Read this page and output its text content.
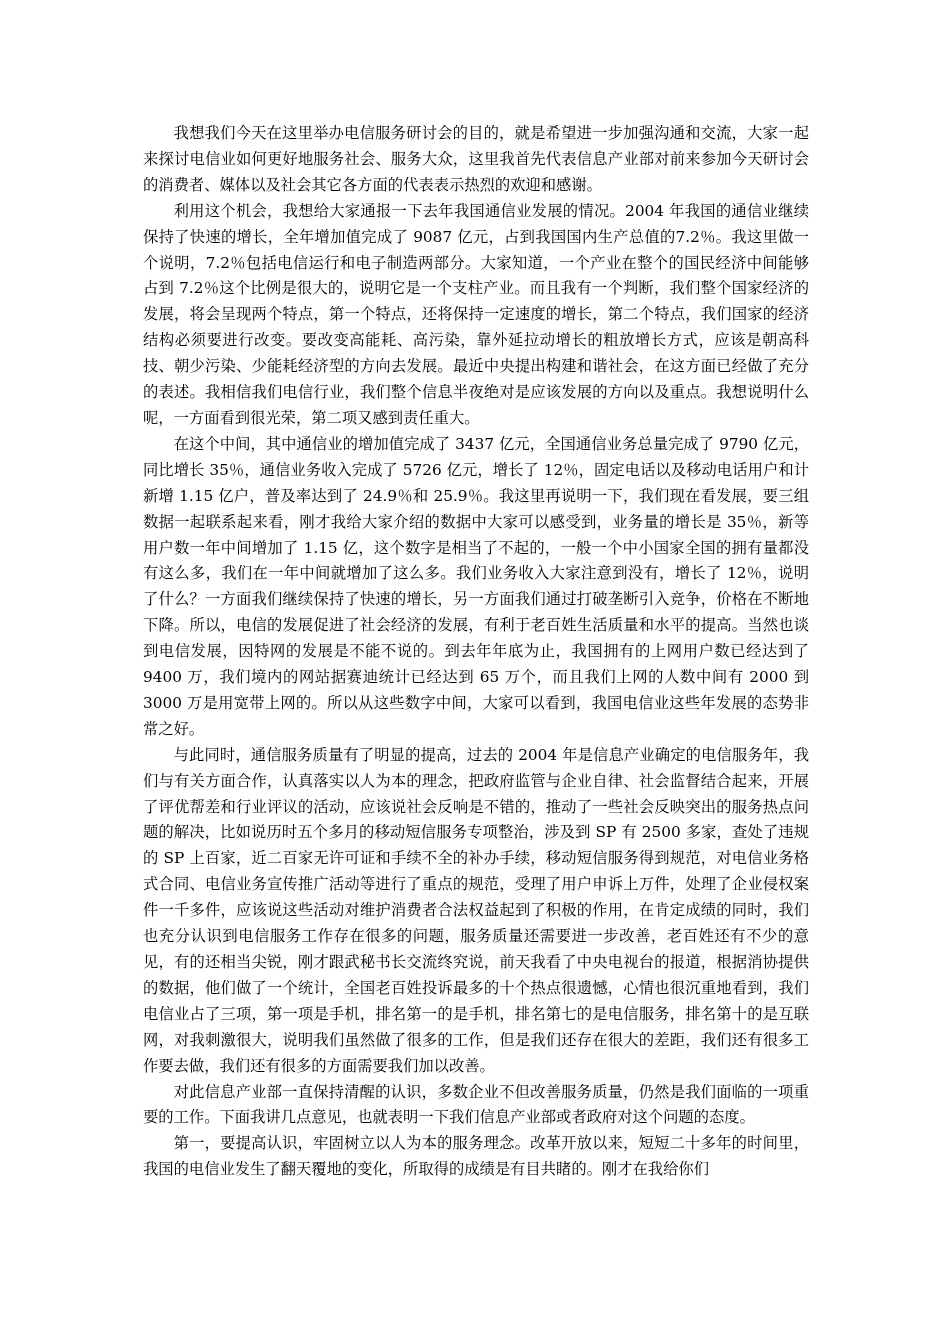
我想我们今天在这里举办电信服务研讨会的目的，就是希望进一步加强沟通和交流，大家一起来探讨电信业如何更好地服务社会、服务大众，这里我首先代表信息产业部对前来参加今天研讨会的消费者、媒体以及社会其它各方面的代表表示热烈的欢迎和感谢。

利用这个机会，我想给大家通报一下去年我国通信业发展的情况。2004 年我国的通信业继续保持了快速的增长，全年增加值完成了 9087 亿元，占到我国国内生产总值的7.2％。我这里做一个说明，7.2％包括电信运行和电子制造两部分。大家知道，一个产业在整个的国民经济中间能够占到 7.2％这个比例是很大的，说明它是一个支柱产业。而且我有一个判断，我们整个国家经济的发展，将会呈现两个特点，第一个特点，还将保持一定速度的增长，第二个特点，我们国家的经济结构必须要进行改变。要改变高能耗、高污染，靠外延拉动增长的粗放增长方式，应该是朝高科技、朝少污染、少能耗经济型的方向去发展。最近中央提出构建和谐社会，在这方面已经做了充分的表述。我相信我们电信行业，我们整个信息半夜绝对是应该发展的方向以及重点。我想说明什么呢，一方面看到很光荣，第二项又感到责任重大。

在这个中间，其中通信业的增加值完成了 3437 亿元，全国通信业务总量完成了 9790 亿元，同比增长 35％，通信业务收入完成了 5726 亿元，增长了 12％，固定电话以及移动电话用户和计新增 1.15 亿户，普及率达到了 24.9％和 25.9％。我这里再说明一下，我们现在看发展，要三组数据一起联系起来看，刚才我给大家介绍的数据中大家可以感受到，业务量的增长是 35％，新等用户数一年中间增加了 1.15 亿，这个数字是相当了不起的，一般一个中小国家全国的拥有量都没有这么多，我们在一年中间就增加了这么多。我们业务收入大家注意到没有，增长了 12％，说明了什么？一方面我们继续保持了快速的增长，另一方面我们通过打破垄断引入竞争，价格在不断地下降。所以，电信的发展促进了社会经济的发展，有利于老百姓生活质量和水平的提高。当然也谈到电信发展，因特网的发展是不能不说的。到去年年底为止，我国拥有的上网用户数已经达到了 9400 万，我们境内的网站据赛迪统计已经达到 65 万个，而且我们上网的人数中间有 2000 到 3000 万是用宽带上网的。所以从这些数字中间，大家可以看到，我国电信业这些年发展的态势非常之好。

与此同时，通信服务质量有了明显的提高，过去的 2004 年是信息产业确定的电信服务年，我们与有关方面合作，认真落实以人为本的理念，把政府监管与企业自律、社会监督结合起来，开展了评优帮差和行业评议的活动，应该说社会反响是不错的，推动了一些社会反映突出的服务热点问题的解决，比如说历时五个多月的移动短信服务专项整治，涉及到 SP 有 2500 多家，查处了违规的 SP 上百家，近二百家无许可证和手续不全的补办手续，移动短信服务得到规范，对电信业务格式合同、电信业务宣传推广活动等进行了重点的规范，受理了用户申诉上万件，处理了企业侵权案件一千多件，应该说这些活动对维护消费者合法权益起到了积极的作用，在肯定成绩的同时，我们也充分认识到电信服务工作存在很多的问题，服务质量还需要进一步改善，老百姓还有不少的意见，有的还相当尖锐，刚才跟武秘书长交流终究说，前天我看了中央电视台的报道，根据消协提供的数据，他们做了一个统计，全国老百姓投诉最多的十个热点很遗憾，心情也很沉重地看到，我们电信业占了三项，第一项是手机，排名第一的是手机，排名第七的是电信服务，排名第十的是互联网，对我刺激很大，说明我们虽然做了很多的工作，但是我们还存在很大的差距，我们还有很多工作要去做，我们还有很多的方面需要我们加以改善。

对此信息产业部一直保持清醒的认识，多数企业不但改善服务质量，仍然是我们面临的一项重要的工作。下面我讲几点意见，也就表明一下我们信息产业部或者政府对这个问题的态度。

第一，要提高认识，牢固树立以人为本的服务理念。改革开放以来，短短二十多年的时间里，我国的电信业发生了翻天覆地的变化，所取得的成绩是有目共睹的。刚才在我给你们
